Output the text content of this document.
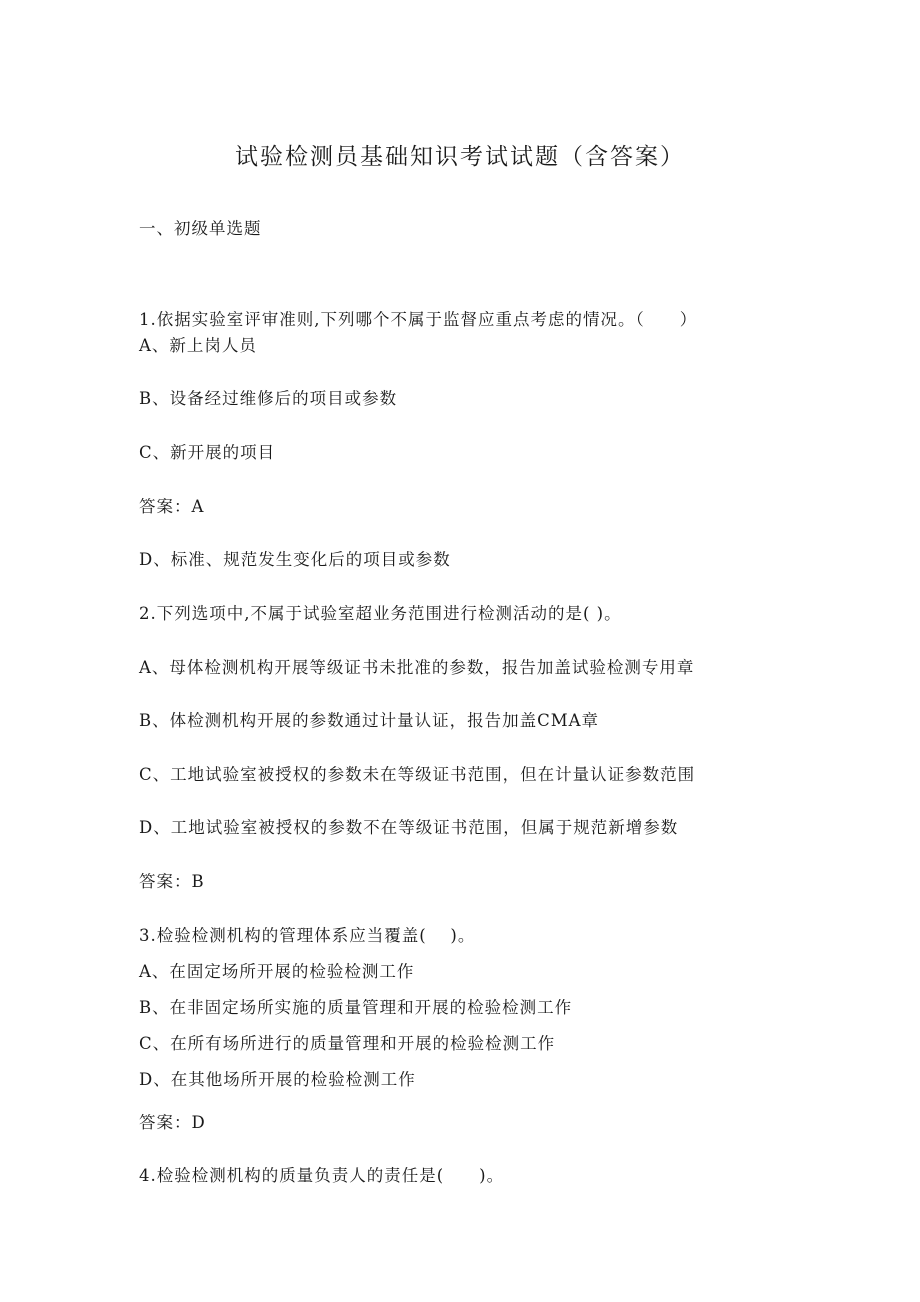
试验检测员基础知识考试试题（含答案）
一、初级单选题
1.依据实验室评审准则,下列哪个不属于监督应重点考虑的情况。（　　）
A、新上岗人员
B、设备经过维修后的项目或参数
C、新开展的项目
答案：A
D、标准、规范发生变化后的项目或参数
2.下列选项中,不属于试验室超业务范围进行检测活动的是( )。
A、母体检测机构开展等级证书未批准的参数，报告加盖试验检测专用章
B、体检测机构开展的参数通过计量认证，报告加盖CMA章
C、工地试验室被授权的参数未在等级证书范围，但在计量认证参数范围
D、工地试验室被授权的参数不在等级证书范围，但属于规范新增参数
答案：B
3.检验检测机构的管理体系应当覆盖(　 )。
A、在固定场所开展的检验检测工作
B、在非固定场所实施的质量管理和开展的检验检测工作
C、在所有场所进行的质量管理和开展的检验检测工作
D、在其他场所开展的检验检测工作
答案：D
4.检验检测机构的质量负责人的责任是(　　)。
